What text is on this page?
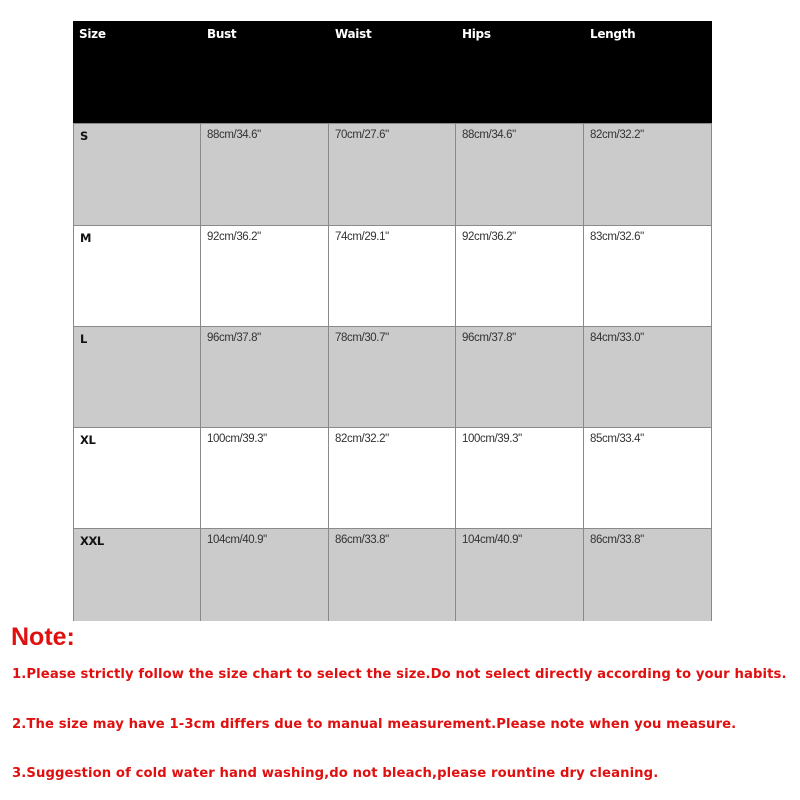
Size	Bust	Waist	Hips	Length
S	88cm/34.6"	70cm/27.6"	88cm/34.6"	82cm/32.2"
M	92cm/36.2"	74cm/29.1"	92cm/36.2"	83cm/32.6"
L	96cm/37.8"	78cm/30.7"	96cm/37.8"	84cm/33.0"
XL	100cm/39.3"	82cm/32.2"	100cm/39.3"	85cm/33.4"
XXL	104cm/40.9"	86cm/33.8"	104cm/40.9"	86cm/33.8"
Note:
1.Please strictly follow the size chart to select the size.Do not select directly according to your habits.
2.The size may have 1-3cm differs due to manual measurement.Please note when you measure.
3.Suggestion of cold water hand washing,do not bleach,please rountine dry cleaning.
